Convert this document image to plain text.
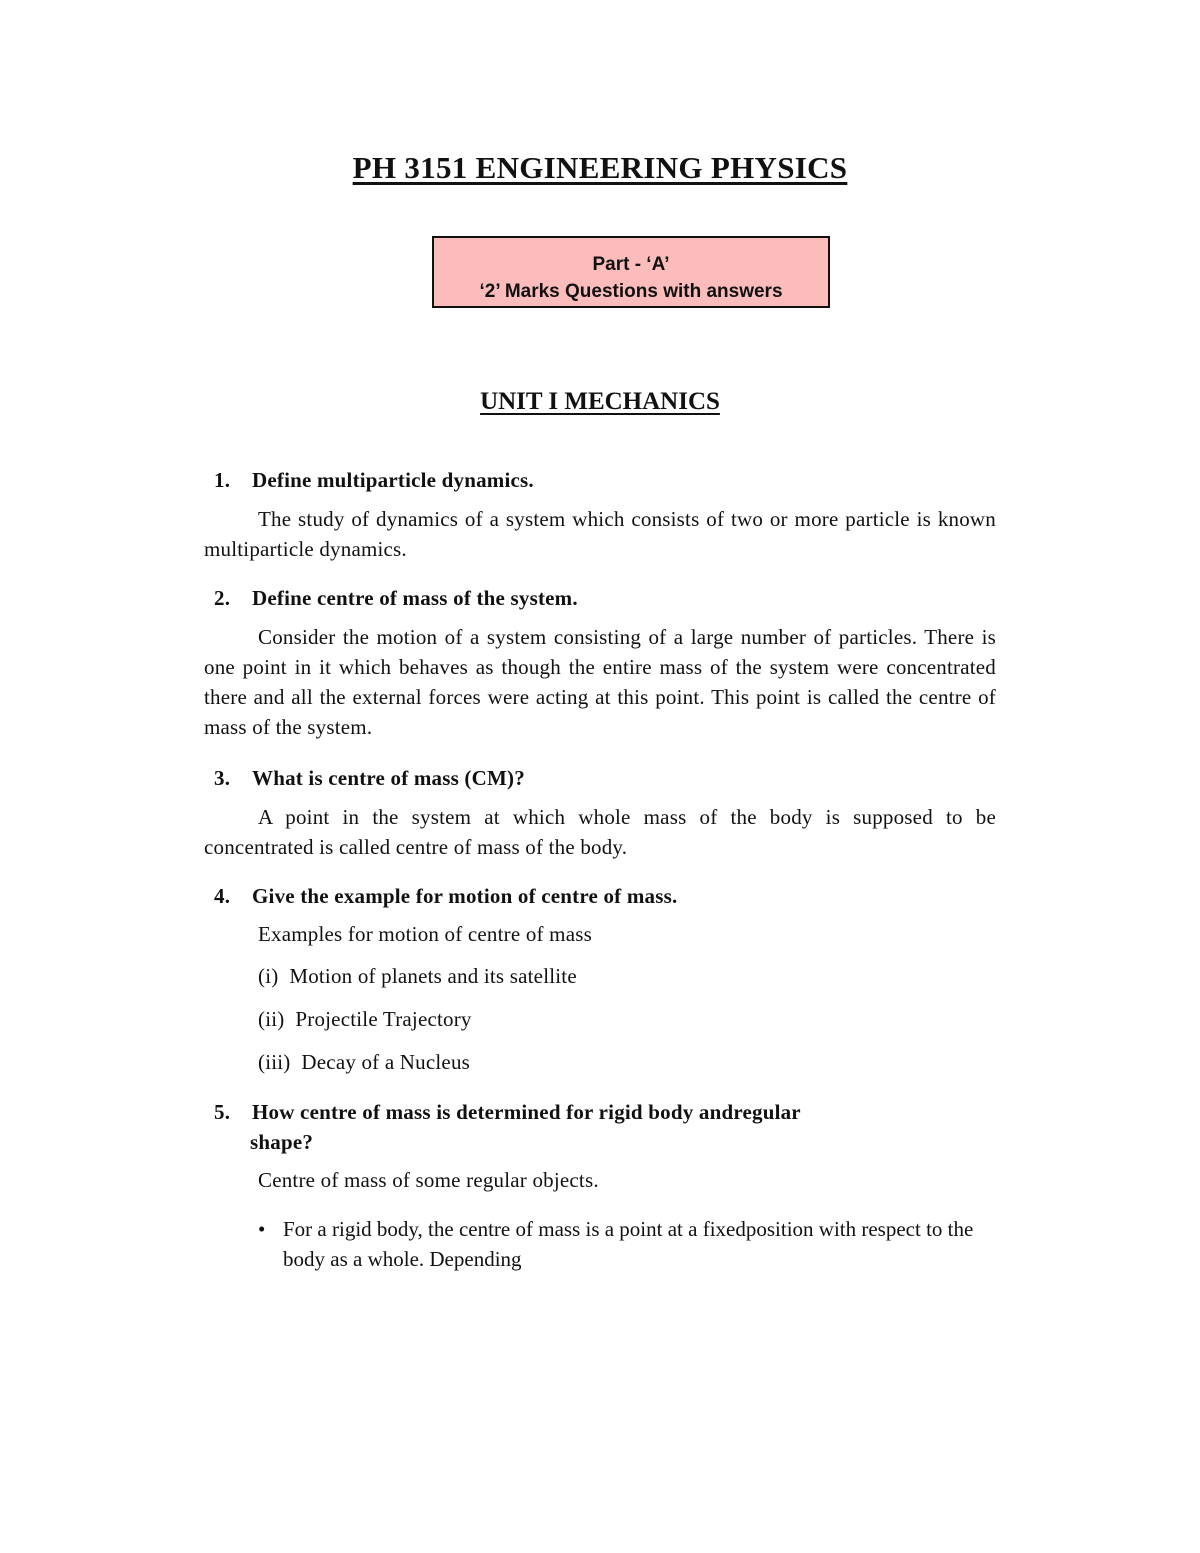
PH 3151 ENGINEERING PHYSICS
Part - ‘A’
‘2’ Marks Questions with answers
UNIT I MECHANICS
1. Define multiparticle dynamics.
The study of dynamics of a system which consists of two or more particle is known multiparticle dynamics.
2. Define centre of mass of the system.
Consider the motion of a system consisting of a large number of particles. There is one point in it which behaves as though the entire mass of the system were concentrated there and all the external forces were acting at this point. This point is called the centre of mass of the system.
3. What is centre of mass (CM)?
A point in the system at which whole mass of the body is supposed to be concentrated is called centre of mass of the body.
4. Give the example for motion of centre of mass.
Examples for motion of centre of mass
(i) Motion of planets and its satellite
(ii) Projectile Trajectory
(iii) Decay of a Nucleus
5. How centre of mass is determined for rigid body andregular
shape?
Centre of mass of some regular objects.
• For a rigid body, the centre of mass is a point at a fixedposition with respect to the body as a whole. Depending
